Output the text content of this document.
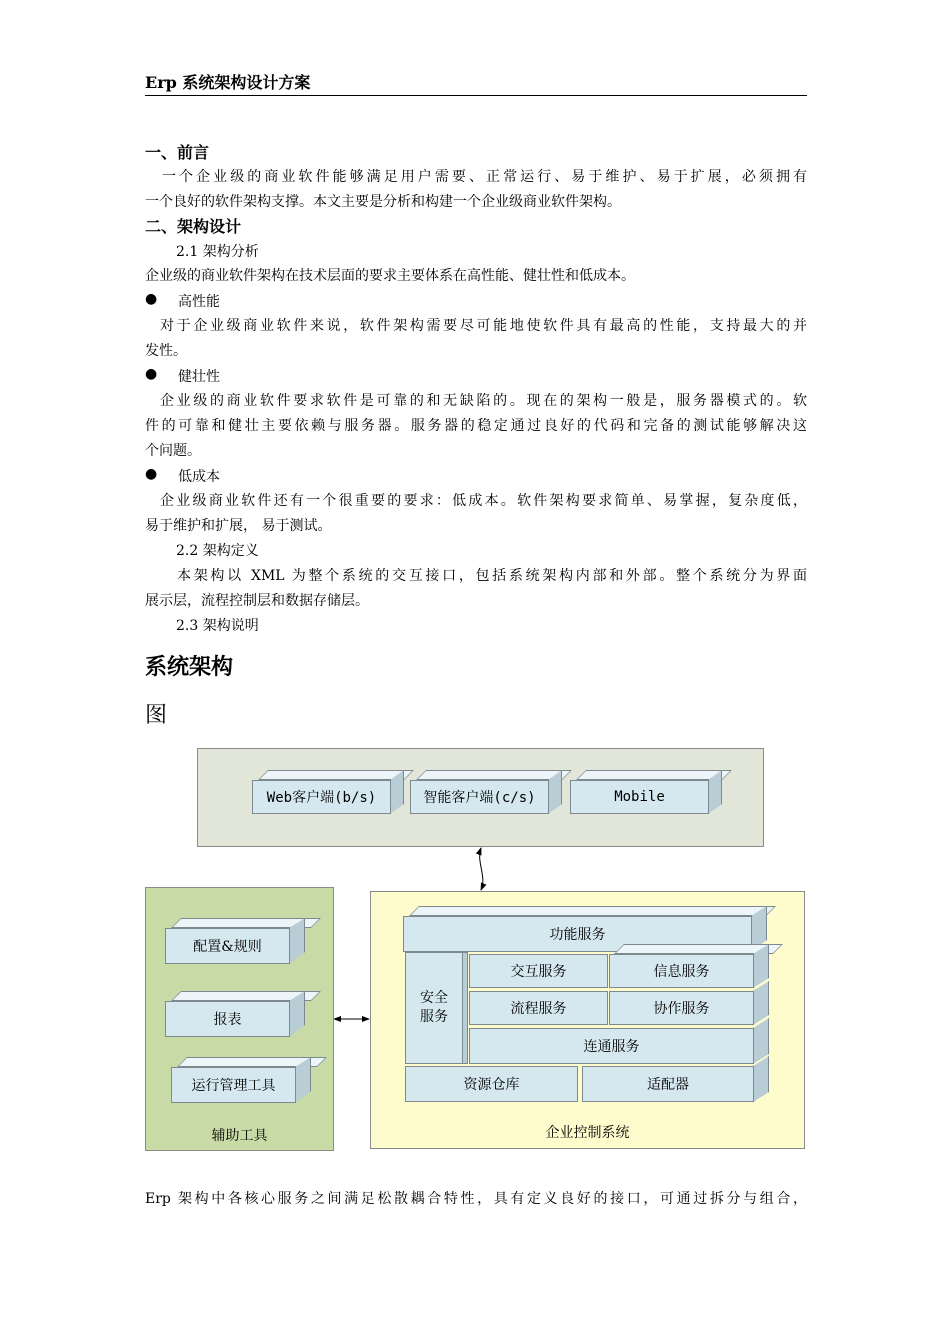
Erp 系统架构设计方案
一、前言
一个企业级的商业软件能够满足用户需要、正常运行、易于维护、易于扩展，必须拥有
一个良好的软件架构支撑。本文主要是分析和构建一个企业级商业软件架构。
二、架构设计
2.1 架构分析
企业级的商业软件架构在技术层面的要求主要体系在高性能、健壮性和低成本。
● 高性能
对于企业级商业软件来说，软件架构需要尽可能地使软件具有最高的性能，支持最大的并
发性。
● 健壮性
企业级的商业软件要求软件是可靠的和无缺陷的。现在的架构一般是，服务器模式的。软
件的可靠和健壮主要依赖与服务器。服务器的稳定通过良好的代码和完备的测试能够解决这
个问题。
● 低成本
企业级商业软件还有一个很重要的要求：低成本。软件架构要求简单、易掌握，复杂度低，
易于维护和扩展， 易于测试。
2.2 架构定义
本架构以 XML 为整个系统的交互接口，包括系统架构内部和外部。整个系统分为界面
展示层，流程控制层和数据存储层。
2.3 架构说明
系统架构
图
Web客户端(b/s)	智能客户端(c/s)	Mobile
配置&规则
报表
运行管理工具
辅助工具
功能服务
安全
服务
交互服务	信息服务
流程服务	协作服务
连通服务
资源仓库	适配器
企业控制系统
Erp 架构中各核心服务之间满足松散耦合特性，具有定义良好的接口，可通过拆分与组合，
